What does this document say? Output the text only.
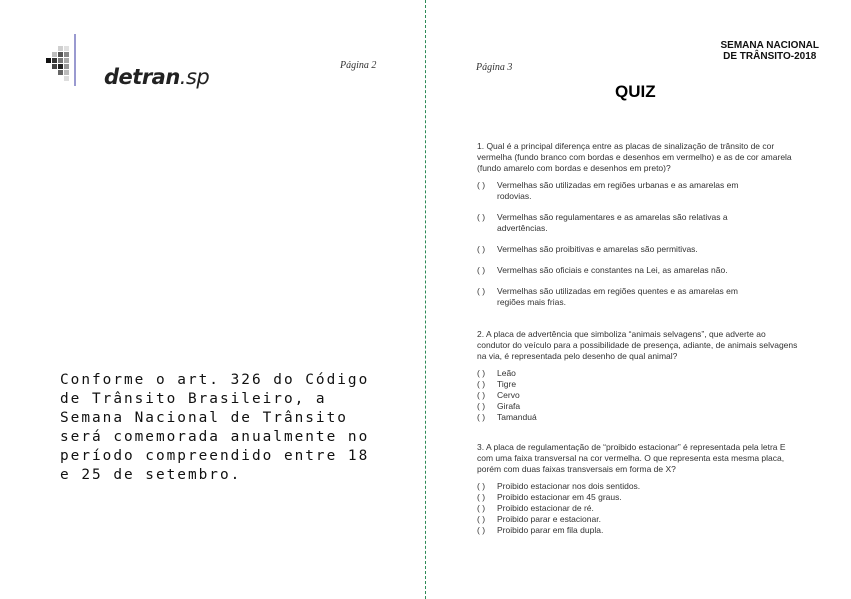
detran.sp	Página 2
Conforme o art. 326 do Código de Trânsito Brasileiro, a Semana Nacional de Trânsito será comemorada anualmente no período compreendido entre 18 e 25 de setembro.
Página 3
SEMANA NACIONAL
DE TRÂNSITO-2018
QUIZ

1. Qual é a principal diferença entre as placas de sinalização de trânsito de cor vermelha (fundo branco com bordas e desenhos em vermelho) e as de cor amarela (fundo amarelo com bordas e desenhos em preto)?

( ) Vermelhas são utilizadas em regiões urbanas e as amarelas em rodovias.
( ) Vermelhas são regulamentares e as amarelas são relativas a advertências.
( ) Vermelhas são proibitivas e amarelas são permitivas.
( ) Vermelhas são oficiais e constantes na Lei, as amarelas não.
( ) Vermelhas são utilizadas em regiões quentes e as amarelas em regiões mais frias.

2. A placa de advertência que simboliza “animais selvagens”, que adverte ao condutor do veículo para a possibilidade de presença, adiante, de animais selvagens na via, é representada pelo desenho de qual animal?

( ) Leão
( ) Tigre
( ) Cervo
( ) Girafa
( ) Tamanduá

3. A placa de regulamentação de “proibido estacionar” é representada pela letra E com uma faixa transversal na cor vermelha. O que representa esta mesma placa, porém com duas faixas transversais em forma de X?

( ) Proibido estacionar nos dois sentidos.
( ) Proibido estacionar em 45 graus.
( ) Proibido estacionar de ré.
( ) Proibido parar e estacionar.
( ) Proibido parar em fila dupla.
